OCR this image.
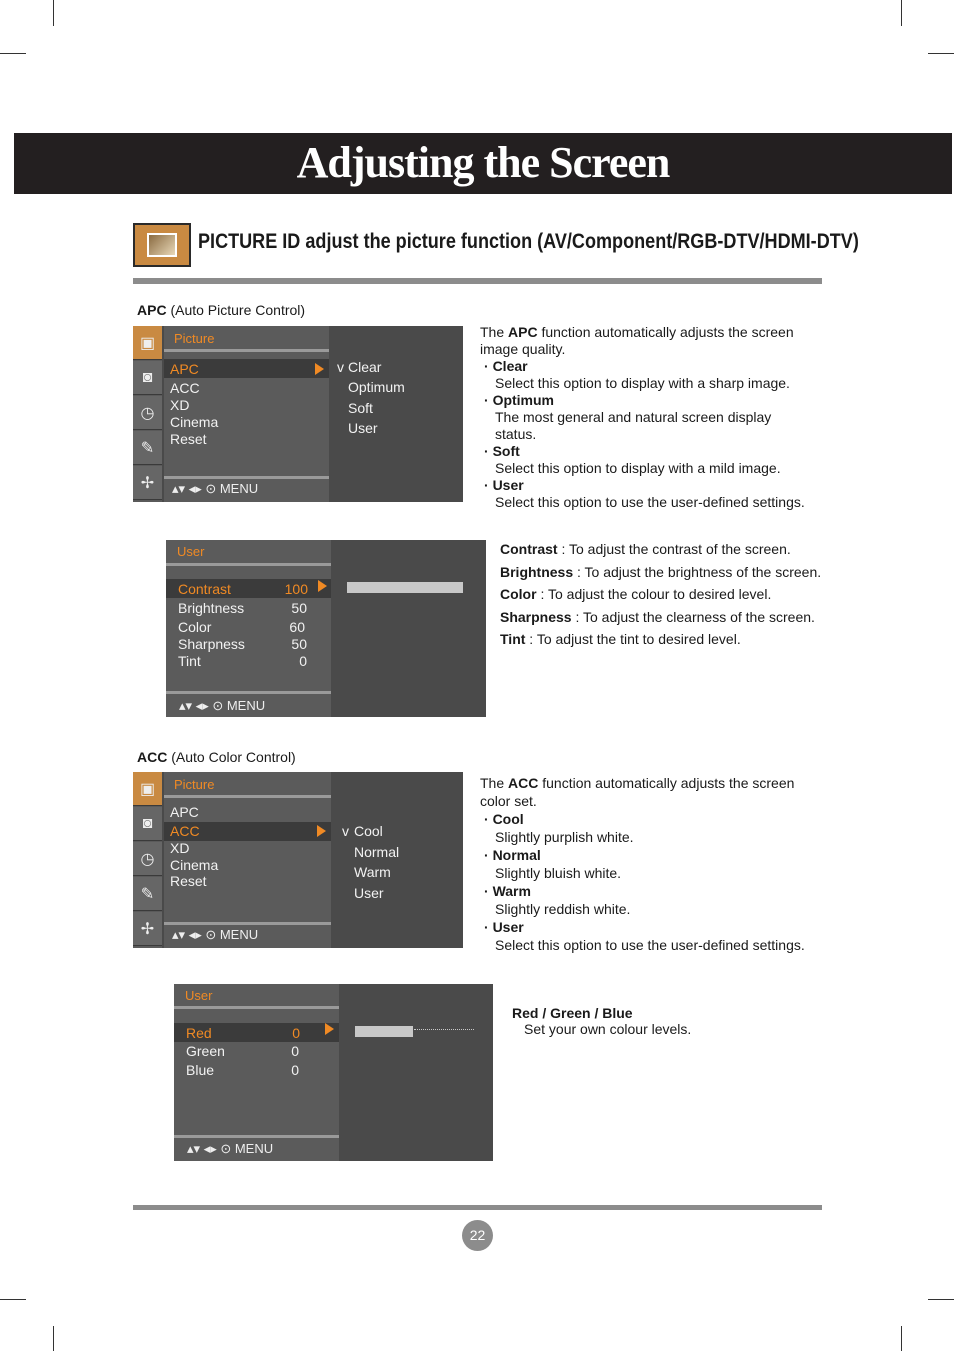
Adjusting the Screen
PICTURE ID adjust the picture function (AV/Component/RGB-DTV/HDMI-DTV)
APC (Auto Picture Control)
▣
◙
◷
✎
✢
Picture
APC
ACC
XD
Cinema
Reset
▴▾ ◂▸ ⊙ MENU
v Clear
Optimum
Soft
User
The APC function automatically adjusts the screen image quality.
· Clear
Select this option to display with a sharp image.
· Optimum
The most general and natural screen display status.
· Soft
Select this option to display with a mild image.
· User
Select this option to use the user-defined settings.
User
Contrast	100
Brightness	50
Color	60
Sharpness	50
Tint	0
▴▾ ◂▸ ⊙ MENU
Contrast : To adjust the contrast of the screen.
Brightness : To adjust the brightness of the screen.
Color : To adjust the colour to desired level.
Sharpness : To adjust the clearness of the screen.
Tint : To adjust the tint to desired level.
ACC (Auto Color Control)
▣
◙
◷
✎
✢
Picture
APC
ACC
XD
Cinema
Reset
▴▾ ◂▸ ⊙ MENU
v Cool
Normal
Warm
User
The ACC function automatically adjusts the screen color set.
· Cool
Slightly purplish white.
· Normal
Slightly bluish white.
· Warm
Slightly reddish white.
· User
Select this option to use the user-defined settings.
User
Red	0
Green	0
Blue	0
▴▾ ◂▸ ⊙ MENU
Red / Green / Blue
Set your own colour levels.
22
